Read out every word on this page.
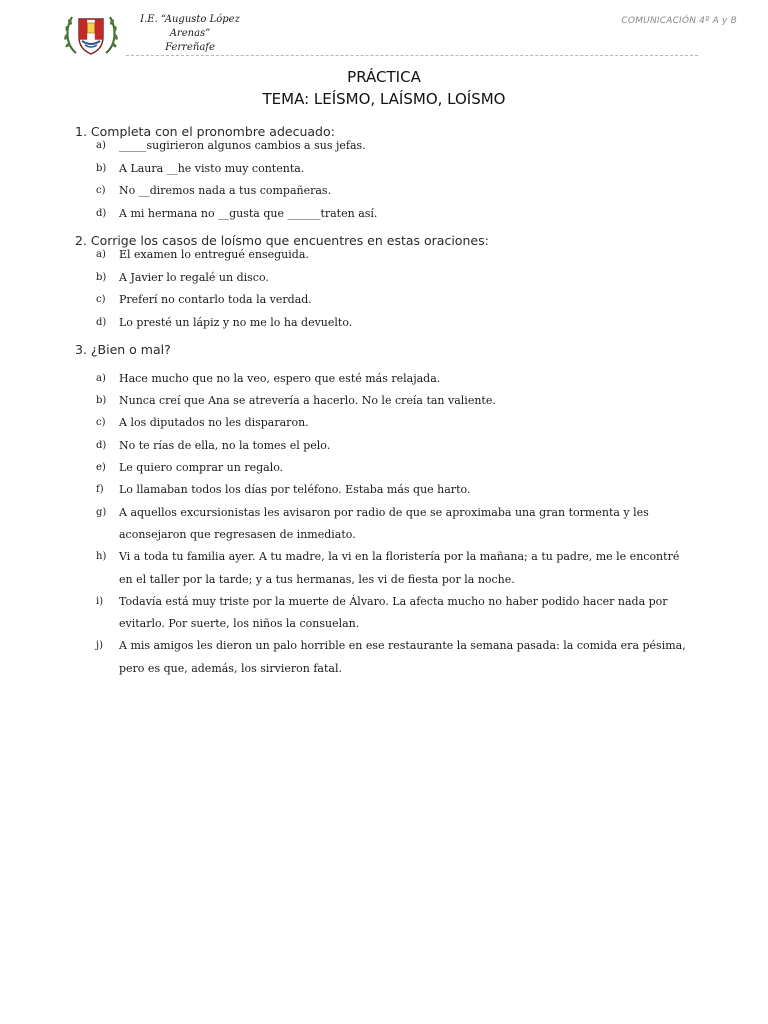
I.E. “Augusto López Arenas”
Ferreñafe
COMUNICACIÓN 4º A y B
PRÁCTICA
TEMA: LEÍSMO, LAÍSMO, LOÍSMO
1. Completa con el pronombre adecuado:
a) _____sugirieron algunos cambios a sus jefas.
b) A Laura __he visto muy contenta.
c) No __diremos nada a tus compañeras.
d) A mi hermana no __gusta que ______traten así.
2. Corrige los casos de loísmo que encuentres en estas oraciones:
a) El examen lo entregué enseguida.
b) A Javier lo regalé un disco.
c) Preferí no contarlo toda la verdad.
d) Lo presté un lápiz y no me lo ha devuelto.
3. ¿Bien o mal?
a) Hace mucho que no la veo, espero que esté más relajada.
b) Nunca creí que Ana se atrevería a hacerlo. No le creía tan valiente.
c) A los diputados no les dispararon.
d) No te rías de ella, no la tomes el pelo.
e) Le quiero comprar un regalo.
f) Lo llamaban todos los días por teléfono. Estaba más que harto.
g) A aquellos excursionistas les avisaron por radio de que se aproximaba una gran tormenta y les aconsejaron que regresasen de inmediato.
h) Vi a toda tu familia ayer. A tu madre, la vi en la floristería por la mañana; a tu padre, me le encontré en el taller por la tarde; y a tus hermanas, les vi de fiesta por la noche.
i) Todavía está muy triste por la muerte de Álvaro. La afecta mucho no haber podido hacer nada por evitarlo. Por suerte, los niños la consuelan.
j) A mis amigos les dieron un palo horrible en ese restaurante la semana pasada: la comida era pésima, pero es que, además, los sirvieron fatal.
